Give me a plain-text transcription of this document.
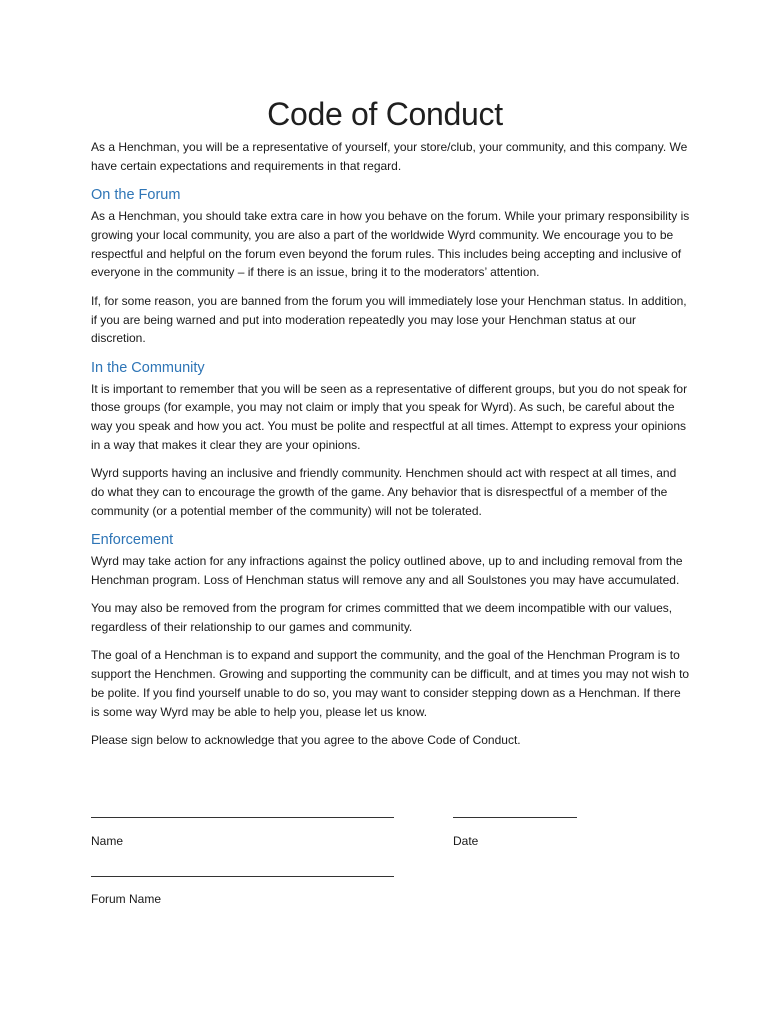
Code of Conduct

As a Henchman, you will be a representative of yourself, your store/club, your community, and this company. We have certain expectations and requirements in that regard.

On the Forum

As a Henchman, you should take extra care in how you behave on the forum. While your primary responsibility is growing your local community, you are also a part of the worldwide Wyrd community. We encourage you to be respectful and helpful on the forum even beyond the forum rules. This includes being accepting and inclusive of everyone in the community – if there is an issue, bring it to the moderators’ attention.

If, for some reason, you are banned from the forum you will immediately lose your Henchman status. In addition, if you are being warned and put into moderation repeatedly you may lose your Henchman status at our discretion.

In the Community

It is important to remember that you will be seen as a representative of different groups, but you do not speak for those groups (for example, you may not claim or imply that you speak for Wyrd). As such, be careful about the way you speak and how you act. You must be polite and respectful at all times. Attempt to express your opinions in a way that makes it clear they are your opinions.

Wyrd supports having an inclusive and friendly community. Henchmen should act with respect at all times, and do what they can to encourage the growth of the game. Any behavior that is disrespectful of a member of the community (or a potential member of the community) will not be tolerated.

Enforcement

Wyrd may take action for any infractions against the policy outlined above, up to and including removal from the Henchman program. Loss of Henchman status will remove any and all Soulstones you may have accumulated.

You may also be removed from the program for crimes committed that we deem incompatible with our values, regardless of their relationship to our games and community.

The goal of a Henchman is to expand and support the community, and the goal of the Henchman Program is to support the Henchmen. Growing and supporting the community can be difficult, and at times you may not wish to be polite. If you find yourself unable to do so, you may want to consider stepping down as a Henchman. If there is some way Wyrd may be able to help you, please let us know.

Please sign below to acknowledge that you agree to the above Code of Conduct.

Name	Date
Forum Name
